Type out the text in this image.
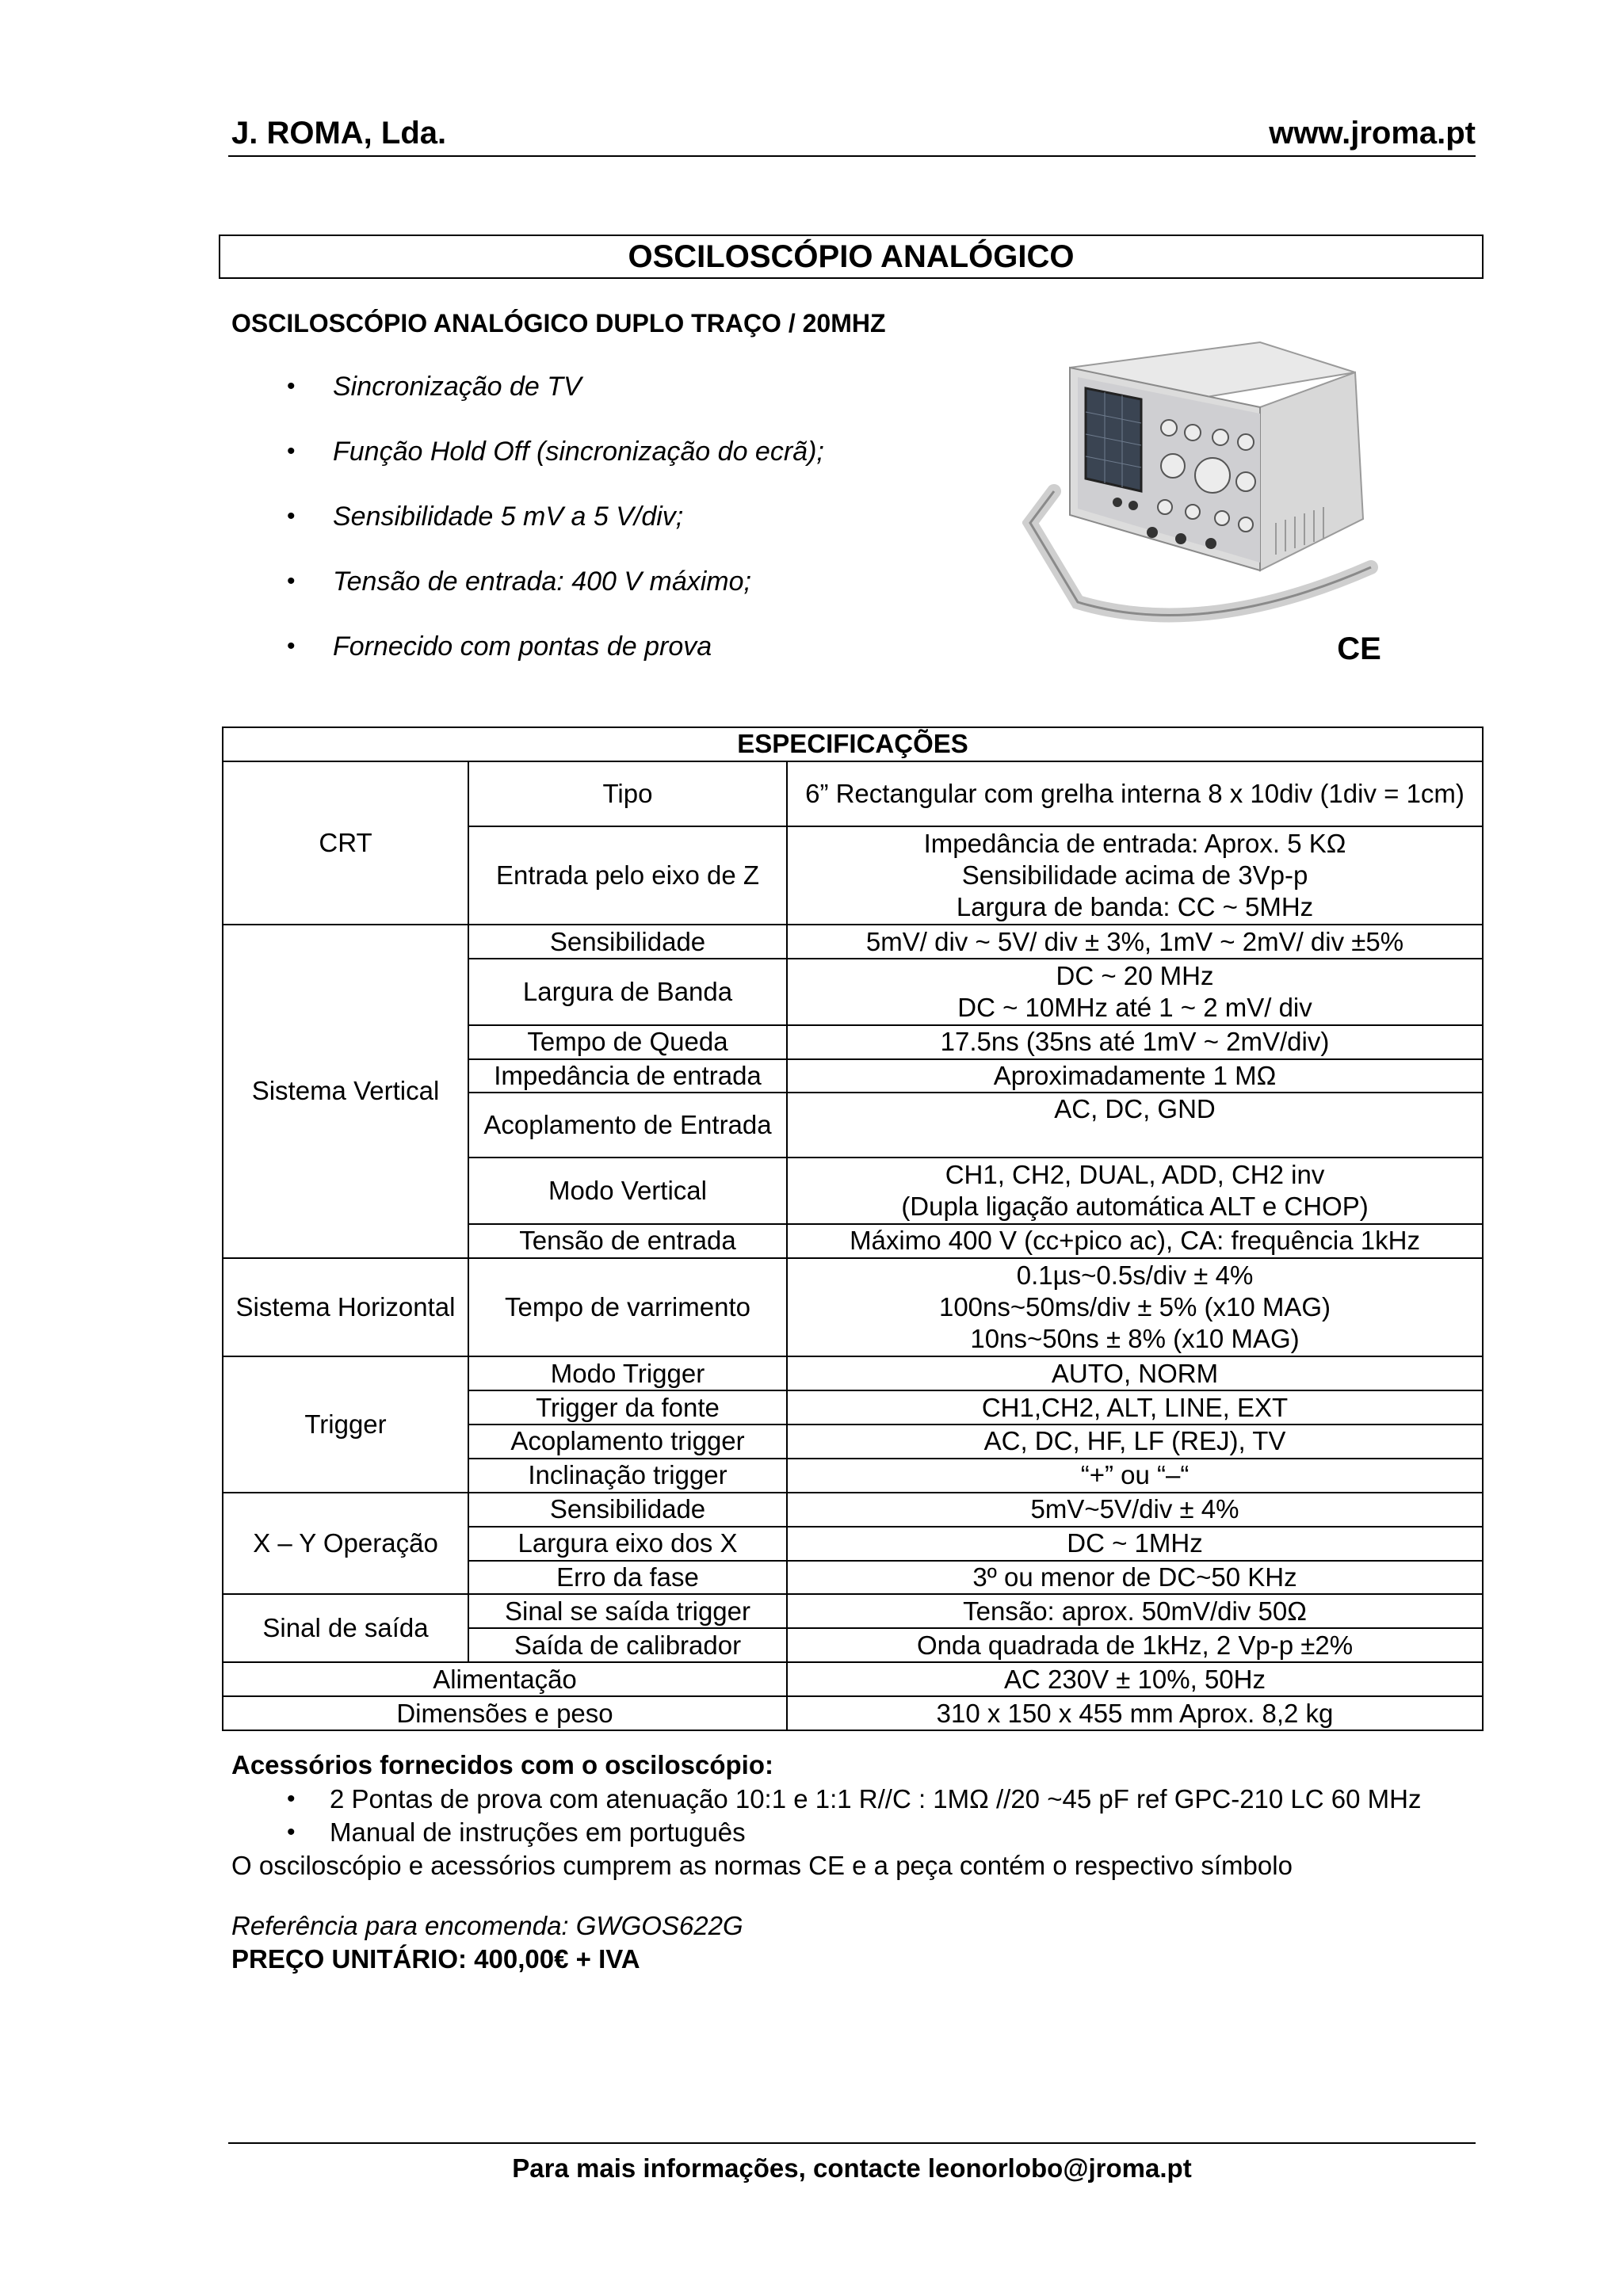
J. ROMA, Lda.	www.jroma.pt
OSCILOSCÓPIO ANALÓGICO
OSCILOSCÓPIO ANALÓGICO DUPLO TRAÇO / 20MHZ
• Sincronização de TV
• Função Hold Off (sincronização do ecrã);
• Sensibilidade 5 mV a 5 V/div;
• Tensão de entrada: 400 V máximo;
• Fornecido com pontas de prova	CE
ESPECIFICAÇÕES		
CRT	Tipo	6” Rectangular com grelha interna 8 x 10div (1div = 1cm)
	Entrada pelo eixo de Z	Impedância de entrada: Aprox. 5 KΩ
Sensibilidade acima de 3Vp-p
Largura de banda: CC ~ 5MHz

Sistema Vertical	Sensibilidade	5mV/ div ~ 5V/ div ± 3%, 1mV ~ 2mV/ div ±5%
	Largura de Banda	DC ~ 20 MHz
DC ~ 10MHz até 1 ~ 2 mV/ div

	Tempo de Queda	17.5ns (35ns até 1mV ~ 2mV/div)
	Impedância de entrada	Aproximadamente 1 MΩ
	Acoplamento de Entrada	AC, DC, GND
	Modo Vertical	CH1, CH2, DUAL, ADD, CH2 inv
(Dupla ligação automática ALT e CHOP)

	Tensão de entrada	Máximo 400 V (cc+pico ac), CA: frequência 1kHz
Sistema Horizontal	Tempo de varrimento	0.1µs~0.5s/div ± 4%
100ns~50ms/div ± 5% (x10 MAG)
10ns~50ns ± 8% (x10 MAG)

Trigger	Modo Trigger	AUTO, NORM
	Trigger da fonte	CH1,CH2, ALT, LINE, EXT
	Acoplamento trigger	AC, DC, HF, LF (REJ), TV
	Inclinação trigger	“+” ou “–“
X – Y Operação	Sensibilidade	5mV~5V/div ± 4%
	Largura eixo dos X	DC ~ 1MHz
	Erro da fase	3º ou menor de DC~50 KHz
Sinal de saída	Sinal se saída trigger	Tensão: aprox. 50mV/div 50Ω
	Saída de calibrador	Onda quadrada de 1kHz, 2 Vp-p ±2%
Alimentação		AC 230V ± 10%, 50Hz
Dimensões e peso		310 x 150 x 455 mm Aprox. 8,2 kg
Acessórios fornecidos com o osciloscópio:
• 2 Pontas de prova com atenuação 10:1 e 1:1 R//C : 1MΩ //20 ~45 pF ref GPC-210 LC 60 MHz
• Manual de instruções em português
O osciloscópio e acessórios cumprem as normas CE e a peça contém o respectivo símbolo
Referência para encomenda: GWGOS622G
PREÇO UNITÁRIO: 400,00€ + IVA
Para mais informações, contacte leonorlobo@jroma.pt
